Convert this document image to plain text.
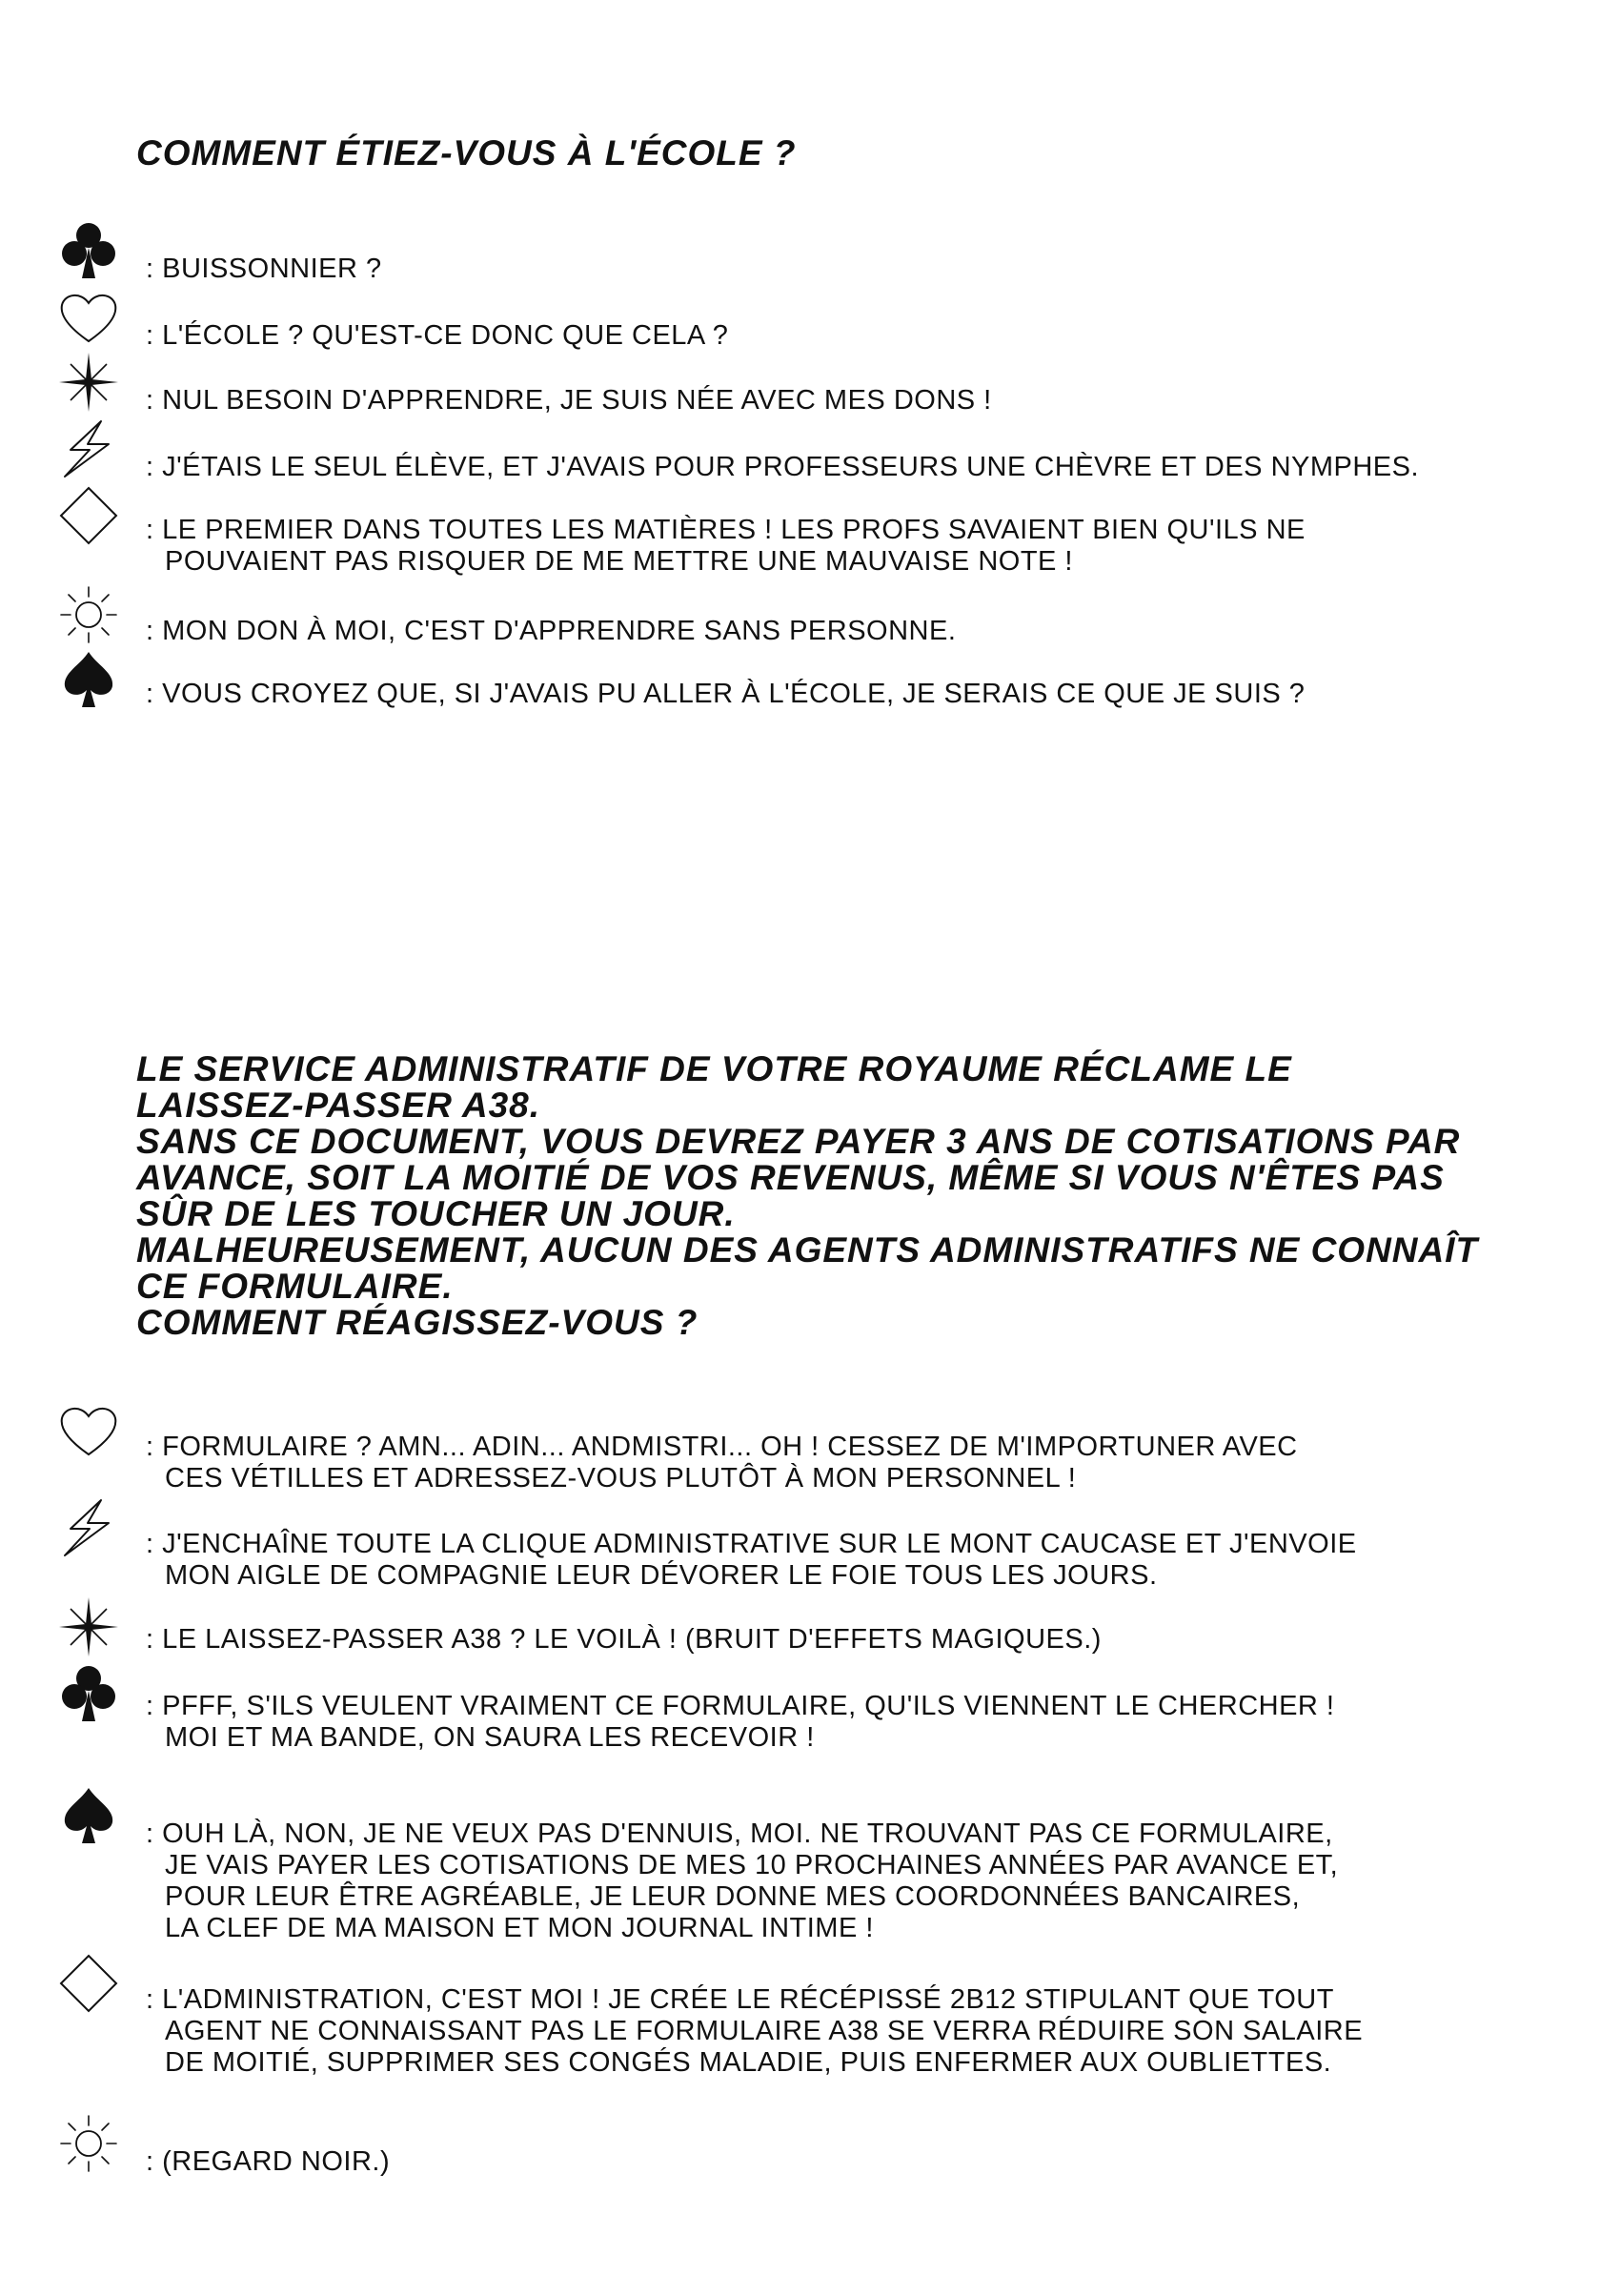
COMMENT ÉTIEZ-VOUS À L'ÉCOLE ?

: BUISSONNIER ?

: L'ÉCOLE ? QU'EST-CE DONC QUE CELA ?

: NUL BESOIN D'APPRENDRE, JE SUIS NÉE AVEC MES DONS !

: J'ÉTAIS LE SEUL ÉLÈVE, ET J'AVAIS POUR PROFESSEURS UNE CHÈVRE ET DES NYMPHES.

: LE PREMIER DANS TOUTES LES MATIÈRES ! LES PROFS SAVAIENT BIEN QU'ILS NE
POUVAIENT PAS RISQUER DE ME METTRE UNE MAUVAISE NOTE !

: MON DON À MOI, C'EST D'APPRENDRE SANS PERSONNE.

: VOUS CROYEZ QUE, SI J'AVAIS PU ALLER À L'ÉCOLE, JE SERAIS CE QUE JE SUIS ?

LE SERVICE ADMINISTRATIF DE VOTRE ROYAUME RÉCLAME LE
LAISSEZ-PASSER A38.
SANS CE DOCUMENT, VOUS DEVREZ PAYER 3 ANS DE COTISATIONS PAR
AVANCE, SOIT LA MOITIÉ DE VOS REVENUS, MÊME SI VOUS N'ÊTES PAS
SÛR DE LES TOUCHER UN JOUR.
MALHEUREUSEMENT, AUCUN DES AGENTS ADMINISTRATIFS NE CONNAÎT
CE FORMULAIRE.
COMMENT RÉAGISSEZ-VOUS ?

: FORMULAIRE ? AMN... ADIN... ANDMISTRI... OH ! CESSEZ DE M'IMPORTUNER AVEC
CES VÉTILLES ET ADRESSEZ-VOUS PLUTÔT À MON PERSONNEL !

: J'ENCHAÎNE TOUTE LA CLIQUE ADMINISTRATIVE SUR LE MONT CAUCASE ET J'ENVOIE
MON AIGLE DE COMPAGNIE LEUR DÉVORER LE FOIE TOUS LES JOURS.

: LE LAISSEZ-PASSER A38 ? LE VOILÀ ! (BRUIT D'EFFETS MAGIQUES.)

: PFFF, S'ILS VEULENT VRAIMENT CE FORMULAIRE, QU'ILS VIENNENT LE CHERCHER !
MOI ET MA BANDE, ON SAURA LES RECEVOIR !

: OUH LÀ, NON, JE NE VEUX PAS D'ENNUIS, MOI. NE TROUVANT PAS CE FORMULAIRE,
JE VAIS PAYER LES COTISATIONS DE MES 10 PROCHAINES ANNÉES PAR AVANCE ET,
POUR LEUR ÊTRE AGRÉABLE, JE LEUR DONNE MES COORDONNÉES BANCAIRES,
LA CLEF DE MA MAISON ET MON JOURNAL INTIME !

: L'ADMINISTRATION, C'EST MOI ! JE CRÉE LE RÉCÉPISSÉ 2B12 STIPULANT QUE TOUT
AGENT NE CONNAISSANT PAS LE FORMULAIRE A38 SE VERRA RÉDUIRE SON SALAIRE
DE MOITIÉ, SUPPRIMER SES CONGÉS MALADIE, PUIS ENFERMER AUX OUBLIETTES.

: (REGARD NOIR.)
